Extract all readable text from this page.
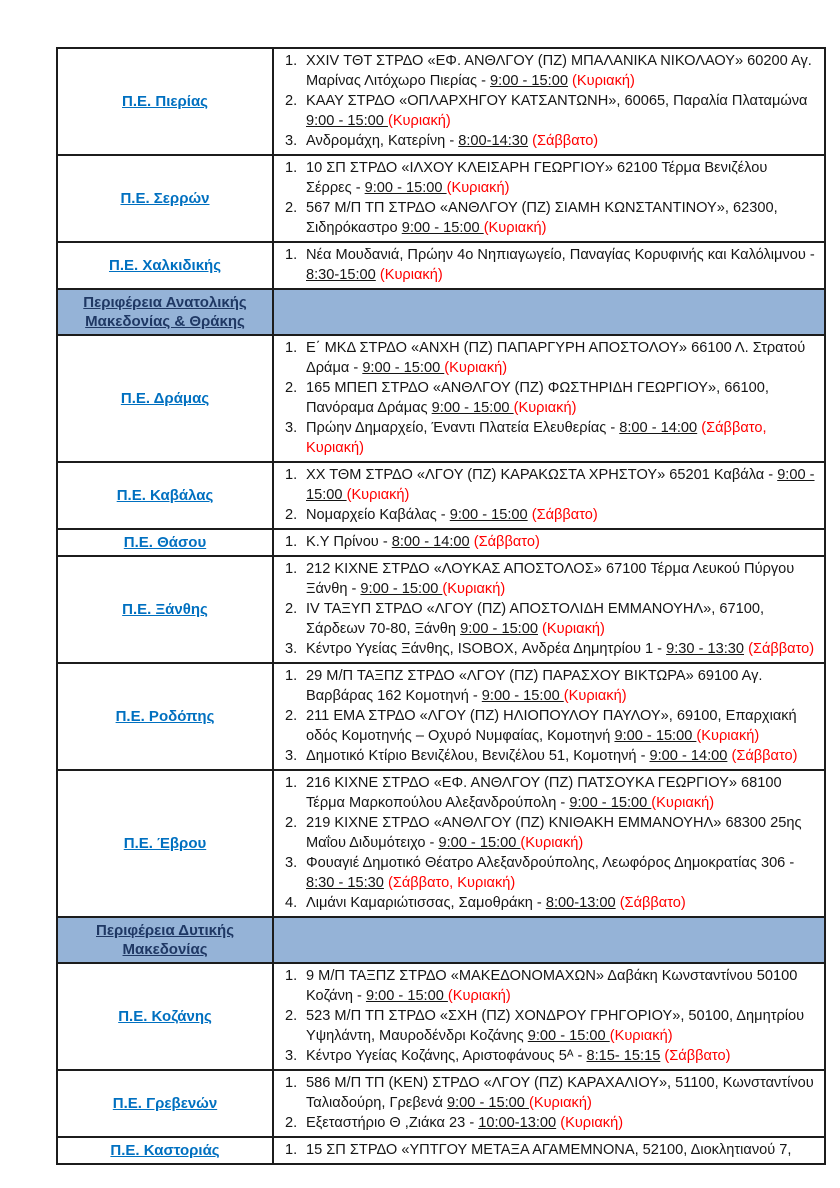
Π.Ε. Πιερίας
1. XXIV ΤΘΤ ΣΤΡΔΟ «ΕΦ. ΑΝΘΛΓΟΥ (ΠΖ) ΜΠΑΛΑΝΙΚΑ ΝΙΚΟΛΑΟΥ» 60200 Αγ. Μαρίνας Λιτόχωρο Πιερίας - 9:00 - 15:00 (Κυριακή)
2. ΚΑΑΥ ΣΤΡΔΟ «ΟΠΛΑΡΧΗΓΟΥ ΚΑΤΣΑΝΤΩΝΗ», 60065, Παραλία Πλαταμώνα 9:00 - 15:00 (Κυριακή)
3. Ανδρομάχη, Κατερίνη - 8:00-14:30 (Σάββατο)
Π.Ε. Σερρών
1. 10 ΣΠ ΣΤΡΔΟ «ΙΛΧΟΥ ΚΛΕΙΣΑΡΗ ΓΕΩΡΓΙΟΥ» 62100 Τέρμα Βενιζέλου Σέρρες - 9:00 - 15:00 (Κυριακή)
2. 567 Μ/Π ΤΠ ΣΤΡΔΟ «ΑΝΘΛΓΟΥ (ΠΖ) ΣΙΑΜΗ ΚΩΝΣΤΑΝΤΙΝΟΥ», 62300, Σιδηρόκαστρο 9:00 - 15:00 (Κυριακή)
Π.Ε. Χαλκιδικής
1. Νέα Μουδανιά, Πρώην 4ο Νηπιαγωγείο, Παναγίας Κορυφινής και Καλόλιμνου - 8:30-15:00 (Κυριακή)
Περιφέρεια Ανατολικής Μακεδονίας & Θράκης
Π.Ε. Δράμας
1. Ε΄ ΜΚΔ ΣΤΡΔΟ «ΑΝΧΗ (ΠΖ) ΠΑΠΑΡΓΥΡΗ ΑΠΟΣΤΟΛΟΥ» 66100 Λ. Στρατού Δράμα - 9:00 - 15:00 (Κυριακή)
2. 165 ΜΠΕΠ ΣΤΡΔΟ «ΑΝΘΛΓΟΥ (ΠΖ) ΦΩΣΤΗΡΙΔΗ ΓΕΩΡΓΙΟΥ», 66100, Πανόραμα Δράμας 9:00 - 15:00 (Κυριακή)
3. Πρώην Δημαρχείο, Έναντι Πλατεία Ελευθερίας - 8:00 - 14:00 (Σάββατο, Κυριακή)
Π.Ε. Καβάλας
1. ΧΧ ΤΘΜ ΣΤΡΔΟ «ΛΓΟΥ (ΠΖ) ΚΑΡΑΚΩΣΤΑ ΧΡΗΣΤΟΥ» 65201 Καβάλα - 9:00 - 15:00 (Κυριακή)
2. Νομαρχείο Καβάλας - 9:00 - 15:00 (Σάββατο)
Π.Ε. Θάσου	1. Κ.Υ Πρίνου - 8:00 - 14:00 (Σάββατο)
Π.Ε. Ξάνθης
1. 212 ΚΙΧΝΕ ΣΤΡΔΟ «ΛΟΥΚΑΣ ΑΠΟΣΤΟΛΟΣ» 67100 Τέρμα Λευκού Πύργου Ξάνθη - 9:00 - 15:00 (Κυριακή)
2. IV ΤΑΞΥΠ ΣΤΡΔΟ «ΛΓΟΥ (ΠΖ) ΑΠΟΣΤΟΛΙΔΗ ΕΜΜΑΝΟΥΗΛ», 67100, Σάρδεων 70-80, Ξάνθη 9:00 - 15:00 (Κυριακή)
3. Κέντρο Υγείας Ξάνθης, ISOBOX, Ανδρέα Δημητρίου 1 - 9:30 - 13:30 (Σάββατο)
Π.Ε. Ροδόπης
1. 29 Μ/Π ΤΑΞΠΖ ΣΤΡΔΟ «ΛΓΟΥ (ΠΖ) ΠΑΡΑΣΧΟΥ ΒΙΚΤΩΡΑ» 69100 Αγ. Βαρβάρας 162 Κομοτηνή - 9:00 - 15:00 (Κυριακή)
2. 211 ΕΜΑ ΣΤΡΔΟ «ΛΓΟΥ (ΠΖ) ΗΛΙΟΠΟΥΛΟΥ ΠΑΥΛΟΥ», 69100, Επαρχιακή οδός Κομοτηνής – Οχυρό Νυμφαίας, Κομοτηνή 9:00 - 15:00 (Κυριακή)
3. Δημοτικό Κτίριο Βενιζέλου, Βενιζέλου 51, Κομοτηνή - 9:00 - 14:00 (Σάββατο)
Π.Ε. Έβρου
1. 216 ΚΙΧΝΕ ΣΤΡΔΟ «ΕΦ. ΑΝΘΛΓΟΥ (ΠΖ) ΠΑΤΣΟΥΚΑ ΓΕΩΡΓΙΟΥ» 68100 Τέρμα Μαρκοπούλου Αλεξανδρούπολη - 9:00 - 15:00 (Κυριακή)
2. 219 ΚΙΧΝΕ ΣΤΡΔΟ «ΑΝΘΛΓΟΥ (ΠΖ) ΚΝΙΘΑΚΗ ΕΜΜΑΝΟΥΗΛ» 68300 25ης Μαΐου Διδυμότειχο - 9:00 - 15:00 (Κυριακή)
3. Φουαγιέ Δημοτικό Θέατρο Αλεξανδρούπολης, Λεωφόρος Δημοκρατίας 306 - 8:30 - 15:30 (Σάββατο, Κυριακή)
4. Λιμάνι Καμαριώτισσας, Σαμοθράκη - 8:00-13:00 (Σάββατο)
Περιφέρεια Δυτικής Μακεδονίας
Π.Ε. Κοζάνης
1. 9 Μ/Π ΤΑΞΠΖ ΣΤΡΔΟ «ΜΑΚΕΔΟΝΟΜΑΧΩΝ» Δαβάκη Κωνσταντίνου 50100 Κοζάνη - 9:00 - 15:00 (Κυριακή)
2. 523 Μ/Π ΤΠ ΣΤΡΔΟ «ΣΧΗ (ΠΖ) ΧΟΝΔΡΟΥ ΓΡΗΓΟΡΙΟΥ», 50100, Δημητρίου Υψηλάντη, Μαυροδένδρι Κοζάνης 9:00 - 15:00 (Κυριακή)
3. Κέντρο Υγείας Κοζάνης, Αριστοφάνους 5ᴬ - 8:15- 15:15 (Σάββατο)
Π.Ε. Γρεβενών
1. 586 Μ/Π ΤΠ (ΚΕΝ) ΣΤΡΔΟ «ΛΓΟΥ (ΠΖ) ΚΑΡΑΧΑΛΙΟΥ», 51100, Κωνσταντίνου Ταλιαδούρη, Γρεβενά 9:00 - 15:00 (Κυριακή)
2. Εξεταστήριο Θ ,Ζιάκα 23 - 10:00-13:00 (Κυριακή)
Π.Ε. Καστοριάς	1. 15 ΣΠ ΣΤΡΔΟ «ΥΠΤΓΟΥ ΜΕΤΑΞΑ ΑΓΑΜΕΜΝΟΝΑ, 52100, Διοκλητιανού 7,
